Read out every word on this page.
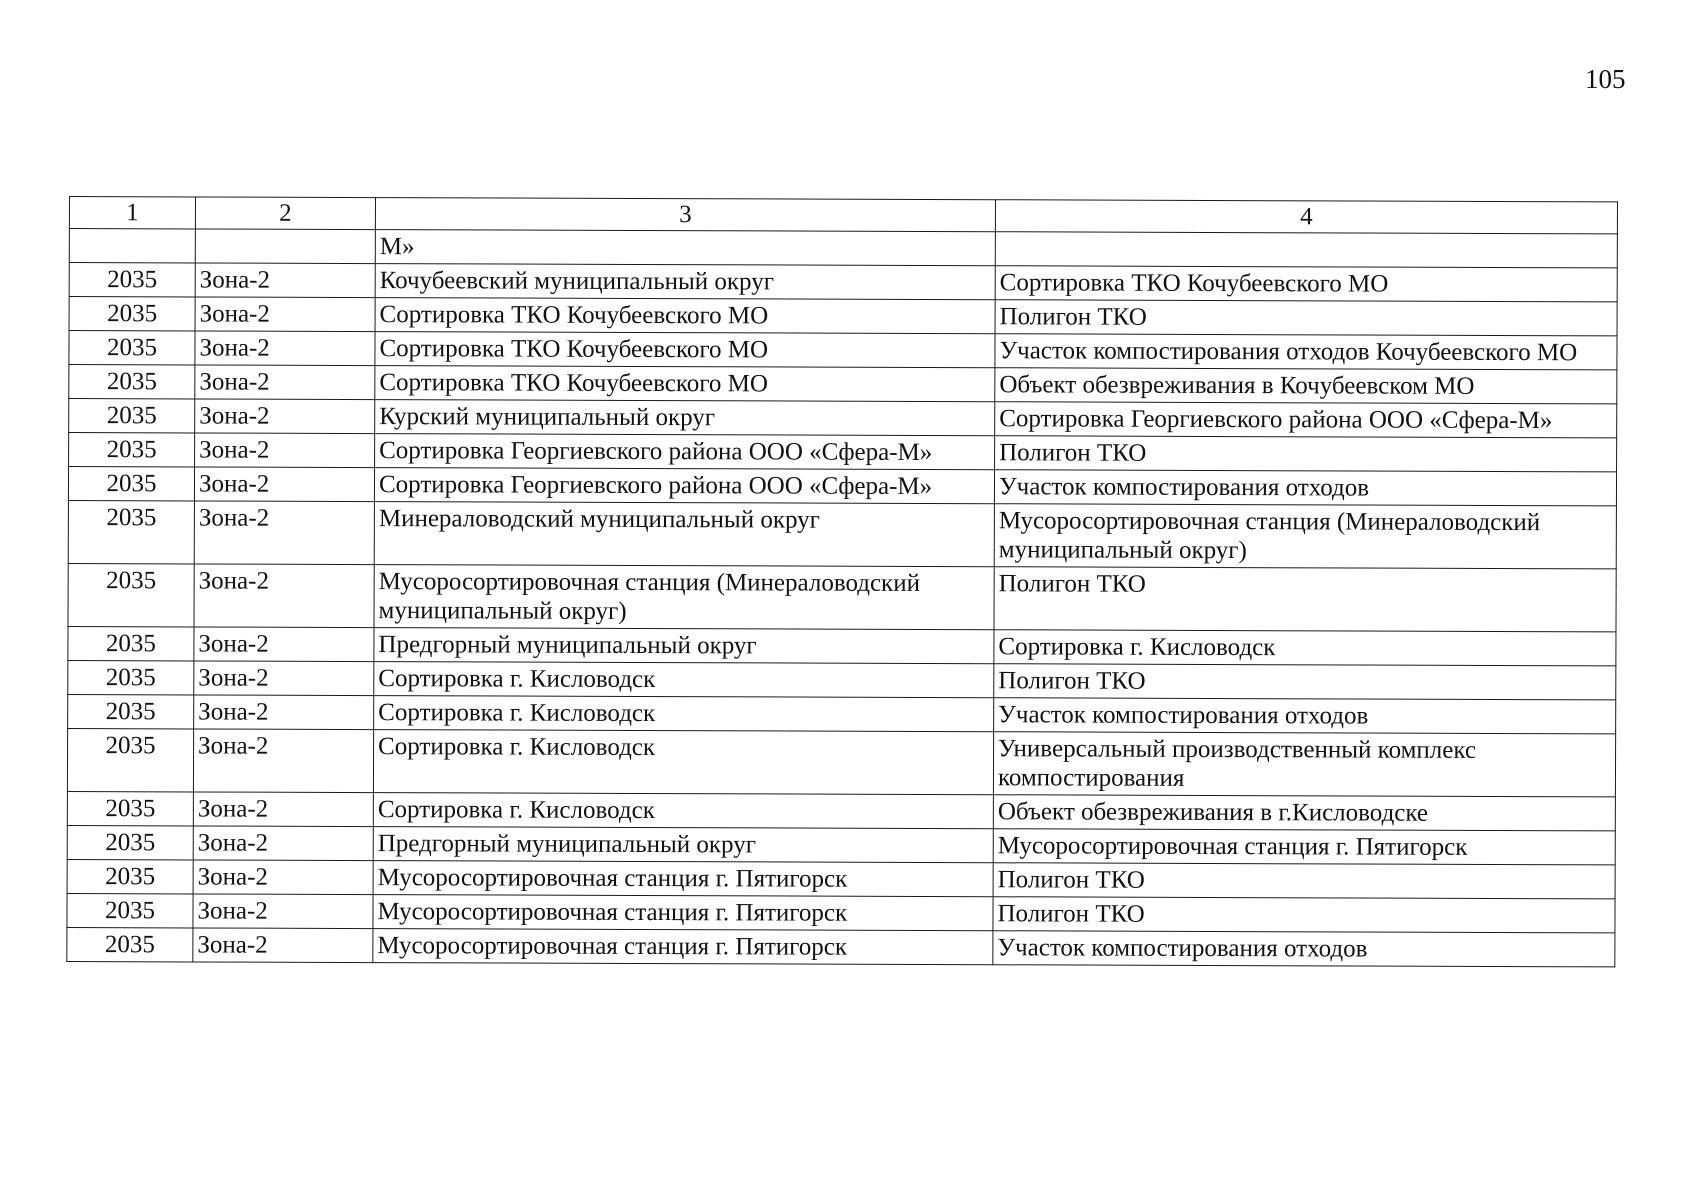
105
1	2	3	4
		М»	
2035	Зона-2	Кочубеевский муниципальный округ	Сортировка ТКО Кочубеевского МО
2035	Зона-2	Сортировка ТКО Кочубеевского МО	Полигон ТКО
2035	Зона-2	Сортировка ТКО Кочубеевского МО	Участок компостирования отходов Кочубеевского МО
2035	Зона-2	Сортировка ТКО Кочубеевского МО	Объект обезвреживания в Кочубеевском МО
2035	Зона-2	Курский муниципальный округ	Сортировка Георгиевского района ООО «Сфера-М»
2035	Зона-2	Сортировка Георгиевского района ООО «Сфера-М»	Полигон ТКО
2035	Зона-2	Сортировка Георгиевского района ООО «Сфера-М»	Участок компостирования отходов
2035	Зона-2	Минераловодский муниципальный округ	Мусоросортировочная станция (Минераловодский муниципальный округ)
2035	Зона-2	Мусоросортировочная станция (Минераловодский муниципальный округ)	Полигон ТКО
2035	Зона-2	Предгорный муниципальный округ	Сортировка г. Кисловодск
2035	Зона-2	Сортировка г. Кисловодск	Полигон ТКО
2035	Зона-2	Сортировка г. Кисловодск	Участок компостирования отходов
2035	Зона-2	Сортировка г. Кисловодск	Универсальный производственный комплекс компостирования
2035	Зона-2	Сортировка г. Кисловодск	Объект обезвреживания в г.Кисловодске
2035	Зона-2	Предгорный муниципальный округ	Мусоросортировочная станция г. Пятигорск
2035	Зона-2	Мусоросортировочная станция г. Пятигорск	Полигон ТКО
2035	Зона-2	Мусоросортировочная станция г. Пятигорск	Полигон ТКО
2035	Зона-2	Мусоросортировочная станция г. Пятигорск	Участок компостирования отходов
